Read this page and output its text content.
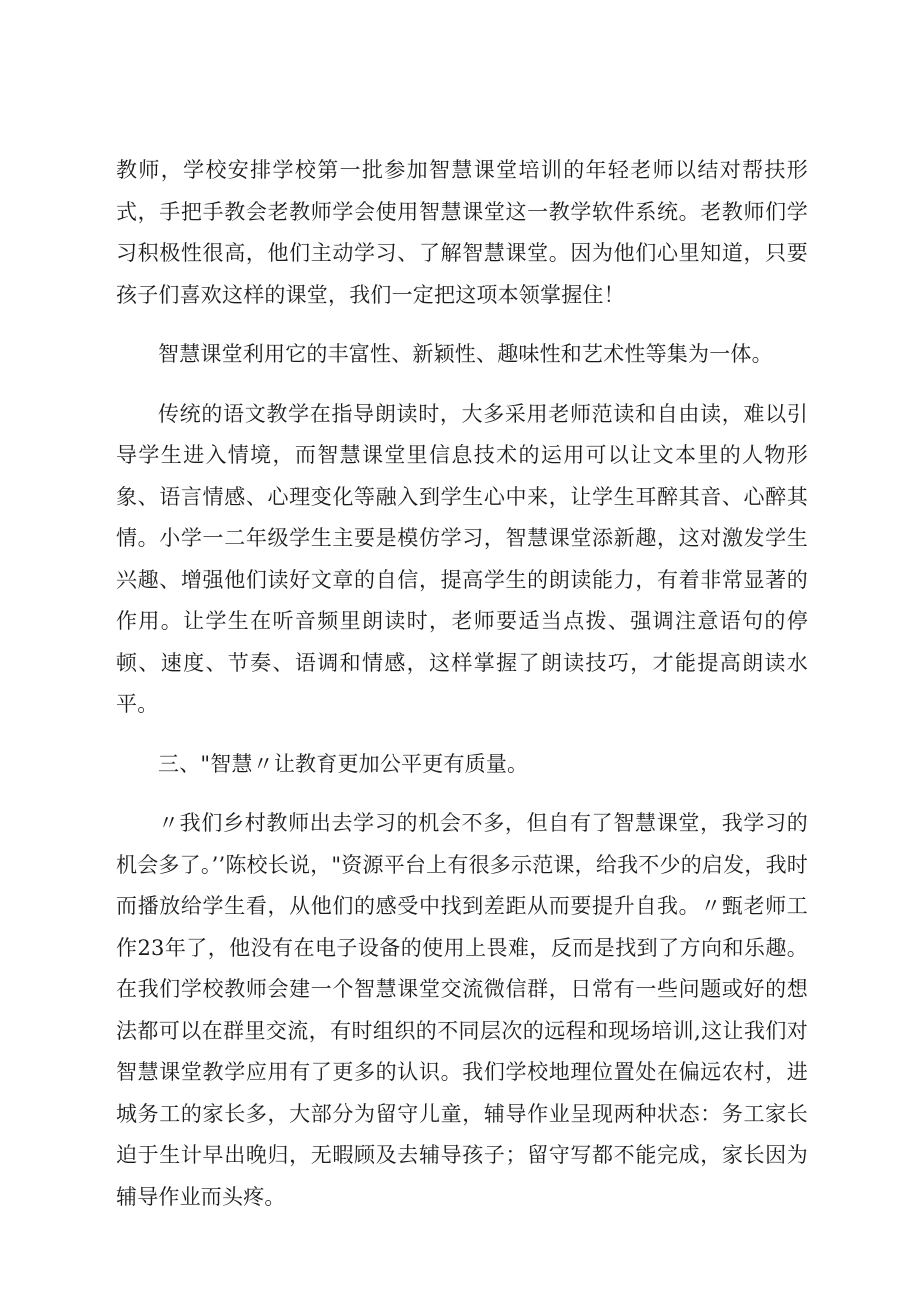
教师，学校安排学校第一批参加智慧课堂培训的年轻老师以结对帮扶形式，手把手教会老教师学会使用智慧课堂这一教学软件系统。老教师们学习积极性很高，他们主动学习、了解智慧课堂。因为他们心里知道，只要孩子们喜欢这样的课堂，我们一定把这项本领掌握住！

智慧课堂利用它的丰富性、新颖性、趣味性和艺术性等集为一体。

传统的语文教学在指导朗读时，大多采用老师范读和自由读，难以引导学生进入情境，而智慧课堂里信息技术的运用可以让文本里的人物形象、语言情感、心理变化等融入到学生心中来，让学生耳醉其音、心醉其情。小学一二年级学生主要是模仿学习，智慧课堂添新趣，这对激发学生兴趣、增强他们读好文章的自信，提高学生的朗读能力，有着非常显著的作用。让学生在听音频里朗读时，老师要适当点拨、强调注意语句的停顿、速度、节奏、语调和情感，这样掌握了朗读技巧，才能提高朗读水平。

三、"智慧〃让教育更加公平更有质量。

〃我们乡村教师出去学习的机会不多，但自有了智慧课堂，我学习的机会多了。’’陈校长说，"资源平台上有很多示范课，给我不少的启发，我时而播放给学生看，从他们的感受中找到差距从而要提升自我。〃甄老师工作23年了，他没有在电子设备的使用上畏难，反而是找到了方向和乐趣。在我们学校教师会建一个智慧课堂交流微信群，日常有一些问题或好的想法都可以在群里交流，有时组织的不同层次的远程和现场培训,这让我们对智慧课堂教学应用有了更多的认识。我们学校地理位置处在偏远农村，进城务工的家长多，大部分为留守儿童，辅导作业呈现两种状态：务工家长迫于生计早出晚归，无暇顾及去辅导孩子；留守写都不能完成，家长因为辅导作业而头疼。
